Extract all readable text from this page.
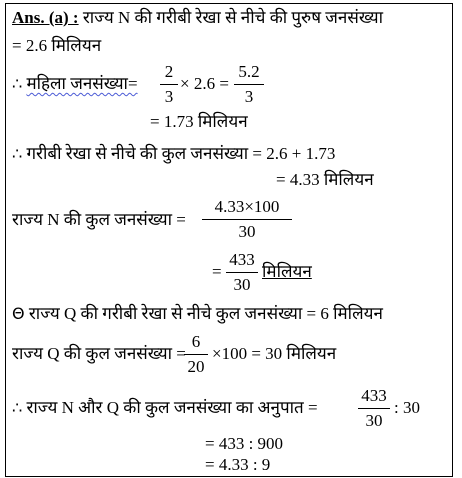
Ans. (a) : राज्य N की गरीबी रेखा से नीचे की पुरुष जनसंख्या
= 2.6 मिलियन
∴ महिला जनसंख्या= $\frac{2}{3} \times 2.6 = \frac{5.2}{3}$
= 1.73 मिलियन
∴ गरीबी रेखा से नीचे की कुल जनसंख्या = 2.6 + 1.73
= 4.33 मिलियन
राज्य N की कुल जनसंख्या = $\frac{4.33\times 100}{30}$
= $\frac{433}{30}$ मिलियन
Θ राज्य Q की गरीबी रेखा से नीचे कुल जनसंख्या = 6 मिलियन
राज्य Q की कुल जनसंख्या =
$\frac{6}{20} \times 100 = 30$ मिलियन
∴ राज्य N और Q की कुल जनसंख्या का अनुपात = $\frac{433}{30}$ : 30
= 433 : 900
= 4.33 : 9
